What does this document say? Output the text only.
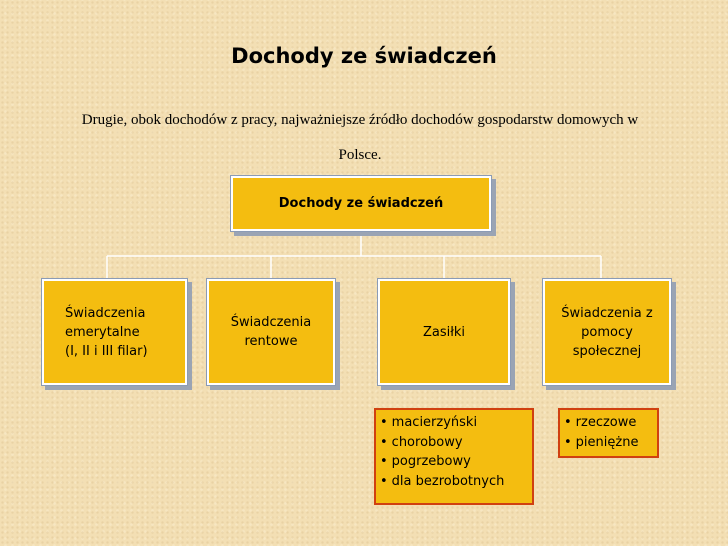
Dochody ze świadczeń
Drugie, obok dochodów z pracy, najważniejsze źródło dochodów gospodarstw domowych w Polsce.
Dochody ze świadczeń
Świadczenia
emerytalne
(I, II i III filar)
Świadczenia
rentowe
Zasiłki
Świadczenia z
pomocy
społecznej
• macierzyński
• chorobowy
• pogrzebowy
• dla bezrobotnych
• rzeczowe
• pieniężne
